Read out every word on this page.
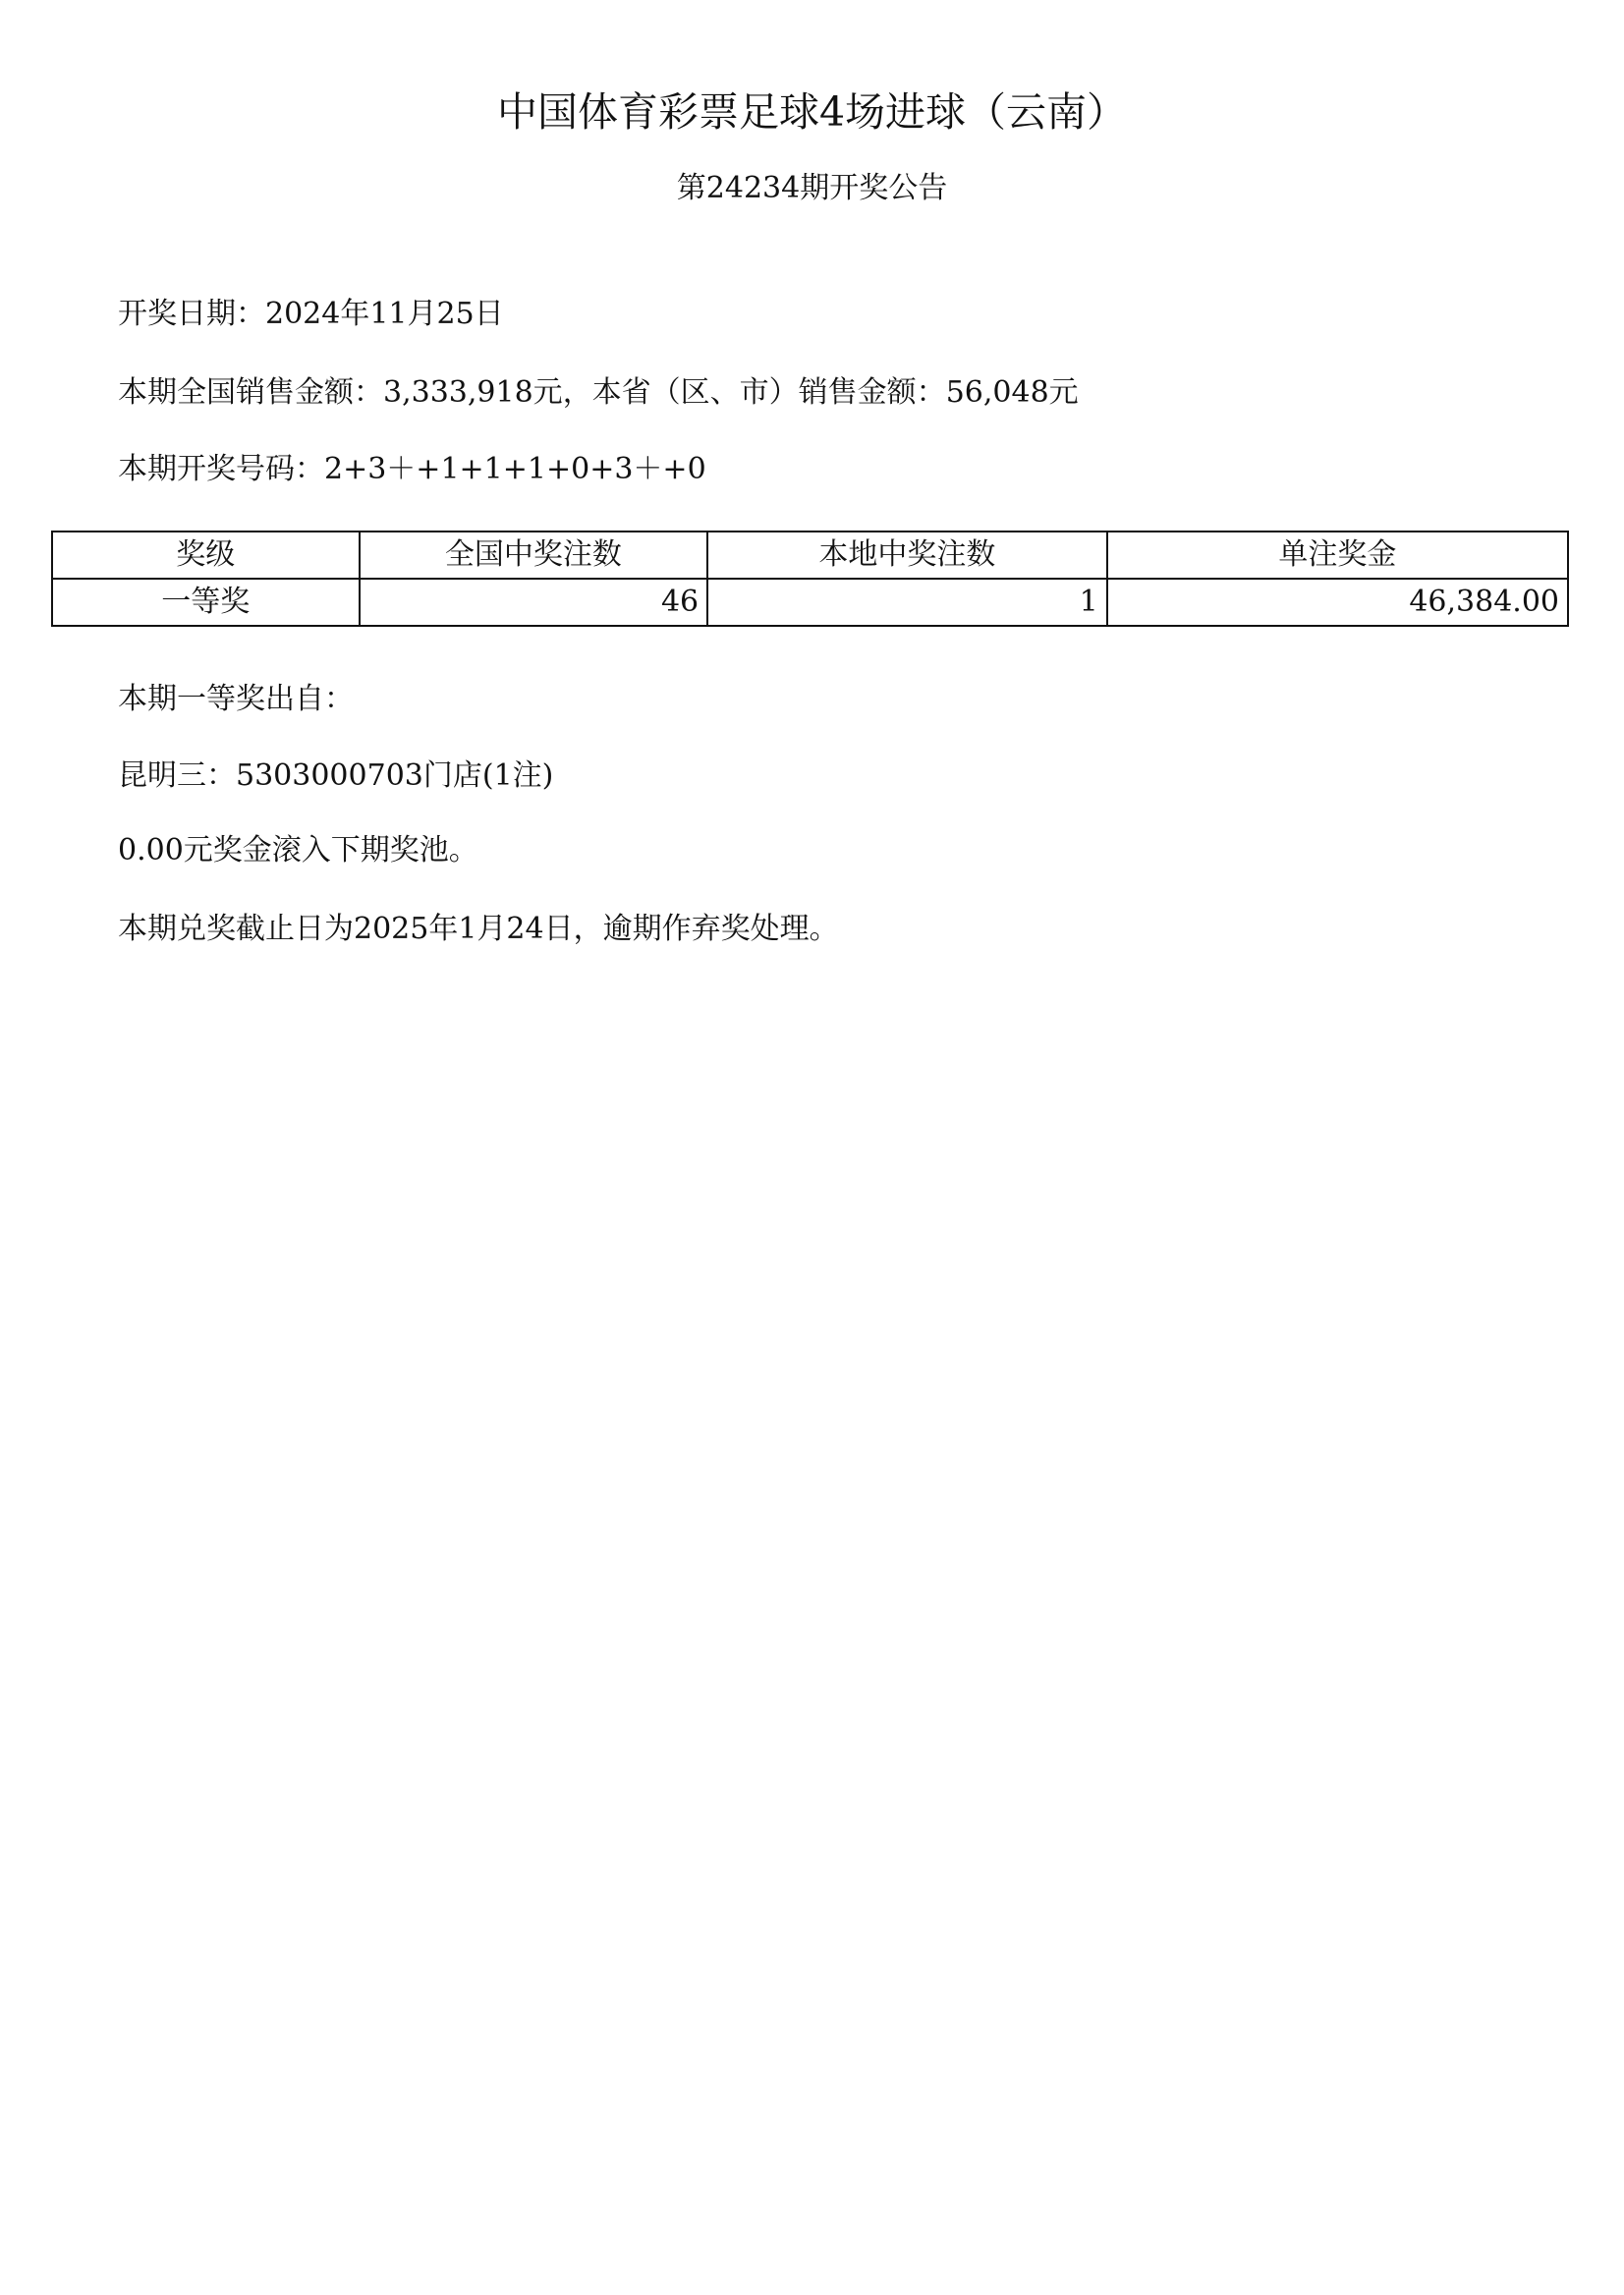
中国体育彩票足球4场进球（云南）
第24234期开奖公告
开奖日期：2024年11月25日
本期全国销售金额：3,333,918元，本省（区、市）销售金额：56,048元
本期开奖号码：2+3＋+1+1+1+0+3＋+0
奖级	全国中奖注数	本地中奖注数	单注奖金
一等奖	46	1	46,384.00
本期一等奖出自：
昆明三：5303000703门店(1注)
0.00元奖金滚入下期奖池。
本期兑奖截止日为2025年1月24日，逾期作弃奖处理。
